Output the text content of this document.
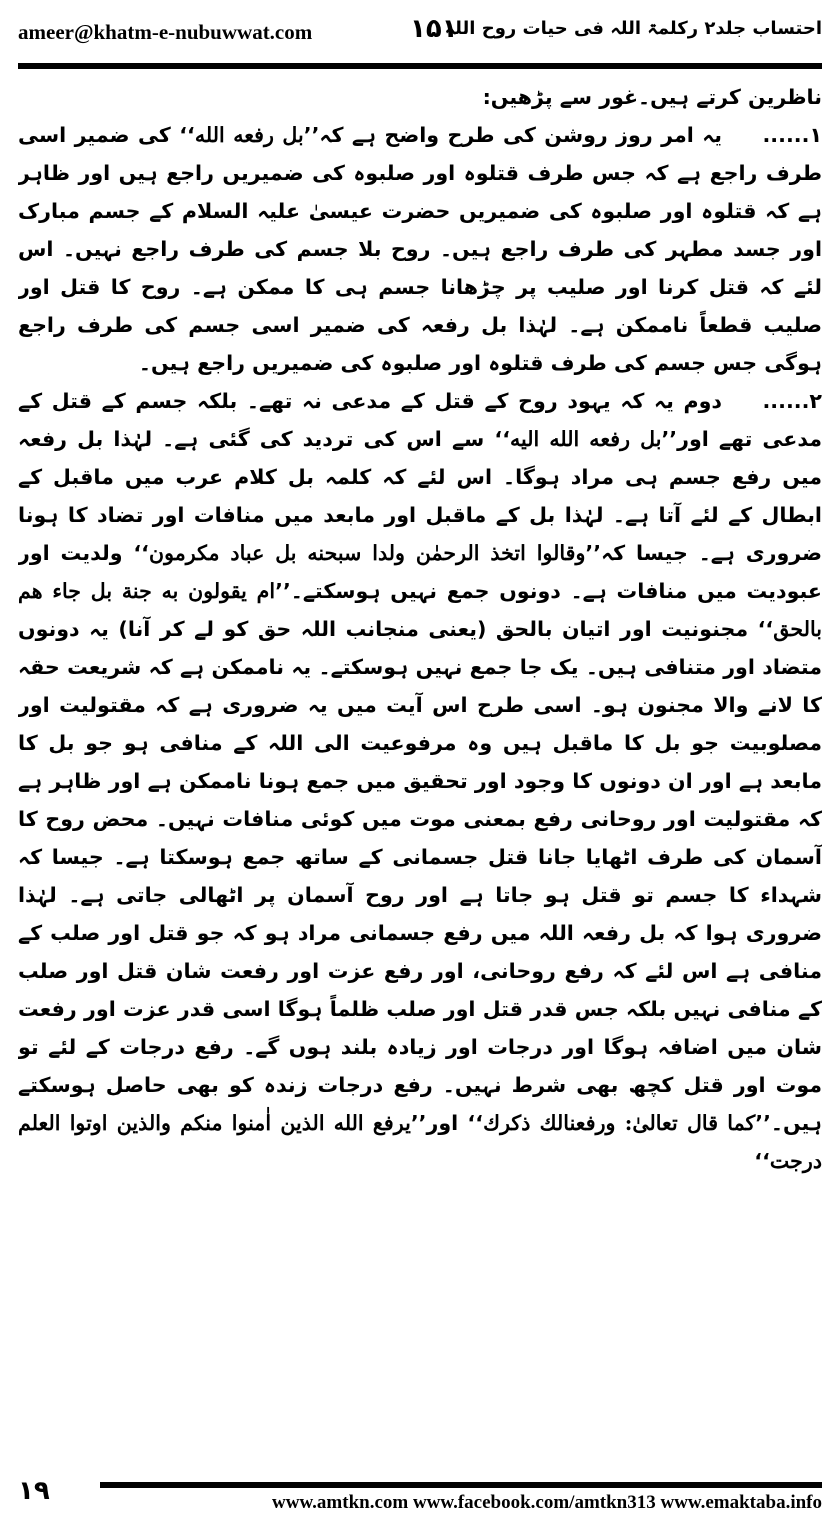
ameer@khatm-e-nubuwwat.com	۱۵۱
احتساب جلد۲ رکلمۃ اللہ فی حیات روح اللہ

ناظرین کرتے ہیں۔غور سے پڑھیں:

۱......یہ امر روز روشن کی طرح واضح ہے کہ’’بل رفعه الله‘‘ کی ضمیر اسی طرف راجع ہے کہ جس طرف قتلوہ اور صلبوہ کی ضمیریں راجع ہیں اور ظاہر ہے کہ قتلوہ اور صلبوہ کی ضمیریں حضرت عیسیٰ علیہ السلام کے جسم مبارک اور جسد مطہر کی طرف راجع ہیں۔ روح بلا جسم کی طرف راجع نہیں۔ اس لئے کہ قتل کرنا اور صلیب پر چڑھانا جسم ہی کا ممکن ہے۔ روح کا قتل اور صلیب قطعاً ناممکن ہے۔ لہٰذا بل رفعہ کی ضمیر اسی جسم کی طرف راجع ہوگی جس جسم کی طرف قتلوہ اور صلبوہ کی ضمیریں راجع ہیں۔

۲......دوم یہ کہ یہود روح کے قتل کے مدعی نہ تھے۔ بلکہ جسم کے قتل کے مدعی تھے اور’’بل رفعه الله اليه‘‘ سے اس کی تردید کی گئی ہے۔ لہٰذا بل رفعہ میں رفع جسم ہی مراد ہوگا۔ اس لئے کہ کلمہ بل کلام عرب میں ماقبل کے ابطال کے لئے آتا ہے۔ لہٰذا بل کے ماقبل اور مابعد میں منافات اور تضاد کا ہونا ضروری ہے۔ جیسا کہ’’وقالوا اتخذ الرحمٰن ولدا سبحنه بل عباد مكرمون‘‘ ولدیت اور عبودیت میں منافات ہے۔ دونوں جمع نہیں ہوسکتے۔’’ام يقولون به جنة بل جاء هم بالحق‘‘ مجنونیت اور اتیان بالحق (یعنی منجانب اللہ حق کو لے کر آنا) یہ دونوں متضاد اور متنافی ہیں۔ یک جا جمع نہیں ہوسکتے۔ یہ ناممکن ہے کہ شریعت حقہ کا لانے والا مجنون ہو۔ اسی طرح اس آیت میں یہ ضروری ہے کہ مقتولیت اور مصلوبیت جو بل کا ماقبل ہیں وہ مرفوعیت الی اللہ کے منافی ہو جو بل کا مابعد ہے اور ان دونوں کا وجود اور تحقیق میں جمع ہونا ناممکن ہے اور ظاہر ہے کہ مقتولیت اور روحانی رفع بمعنی موت میں کوئی منافات نہیں۔ محض روح کا آسمان کی طرف اٹھایا جانا قتل جسمانی کے ساتھ جمع ہوسکتا ہے۔ جیسا کہ شہداء کا جسم تو قتل ہو جاتا ہے اور روح آسمان پر اٹھالی جاتی ہے۔ لہٰذا ضروری ہوا کہ بل رفعہ اللہ میں رفع جسمانی مراد ہو کہ جو قتل اور صلب کے منافی ہے اس لئے کہ رفع روحانی، اور رفع عزت اور رفعت شان قتل اور صلب کے منافی نہیں بلکہ جس قدر قتل اور صلب ظلماً ہوگا اسی قدر عزت اور رفعت شان میں اضافہ ہوگا اور درجات اور زیادہ بلند ہوں گے۔ رفع درجات کے لئے تو موت اور قتل کچھ بھی شرط نہیں۔ رفع درجات زندہ کو بھی حاصل ہوسکتے ہیں۔’’كما قال تعالىٰ: ورفعنالك ذكرك‘‘ اور’’يرفع الله الذين اٰمنوا منكم والذين اوتوا العلم درجت‘‘

۱۹	www.amtkn.com www.facebook.com/amtkn313 www.emaktaba.info
